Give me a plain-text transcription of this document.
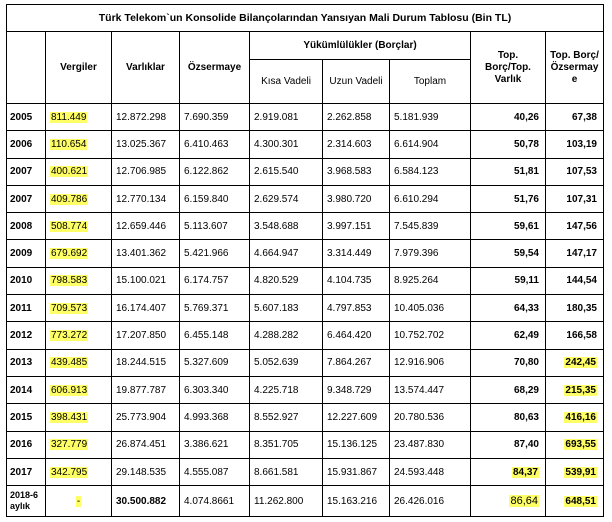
Türk Telekom`un Konsolide Bilançolarından Yansıyan Mali Durum Tablosu (Bin TL)								
	Vergiler	Varlıklar	Özsermaye	Yükümlülükler (Borçlar)			Top. Borç/Top. Varlık	Top. Borç/ Özsermay e
				Kısa Vadeli	Uzun Vadeli	Toplam		
2005	811.449	12.872.298	7.690.359	2.919.081	2.262.858	5.181.939	40,26	67,38
2006	110.654	13.025.367	6.410.463	4.300.301	2.314.603	6.614.904	50,78	103,19
2007	400.621	12.706.985	6.122.862	2.615.540	3.968.583	6.584.123	51,81	107,53
2007	409.786	12.770.134	6.159.840	2.629.574	3.980.720	6.610.294	51,76	107,31
2008	508.774	12.659.446	5.113.607	3.548.688	3.997.151	7.545.839	59,61	147,56
2009	679.692	13.401.362	5.421.966	4.664.947	3.314.449	7.979.396	59,54	147,17
2010	798.583	15.100.021	6.174.757	4.820.529	4.104.735	8.925.264	59,11	144,54
2011	709.573	16.174.407	5.769.371	5.607.183	4.797.853	10.405.036	64,33	180,35
2012	773.272	17.207.850	6.455.148	4.288.282	6.464.420	10.752.702	62,49	166,58
2013	439.485	18.244.515	5.327.609	5.052.639	7.864.267	12.916.906	70,80	242,45
2014	606.913	19.877.787	6.303.340	4.225.718	9.348.729	13.574.447	68,29	215,35
2015	398.431	25.773.904	4.993.368	8.552.927	12.227.609	20.780.536	80,63	416,16
2016	327.779	26.874.451	3.386.621	8.351.705	15.136.125	23.487.830	87,40	693,55
2017	342.795	29.148.535	4.555.087	8.661.581	15.931.867	24.593.448	84,37	539,91
2018-6 aylık	-	30.500.882	4.074.8661	11.262.800	15.163.216	26.426.016	86,64	648,51
